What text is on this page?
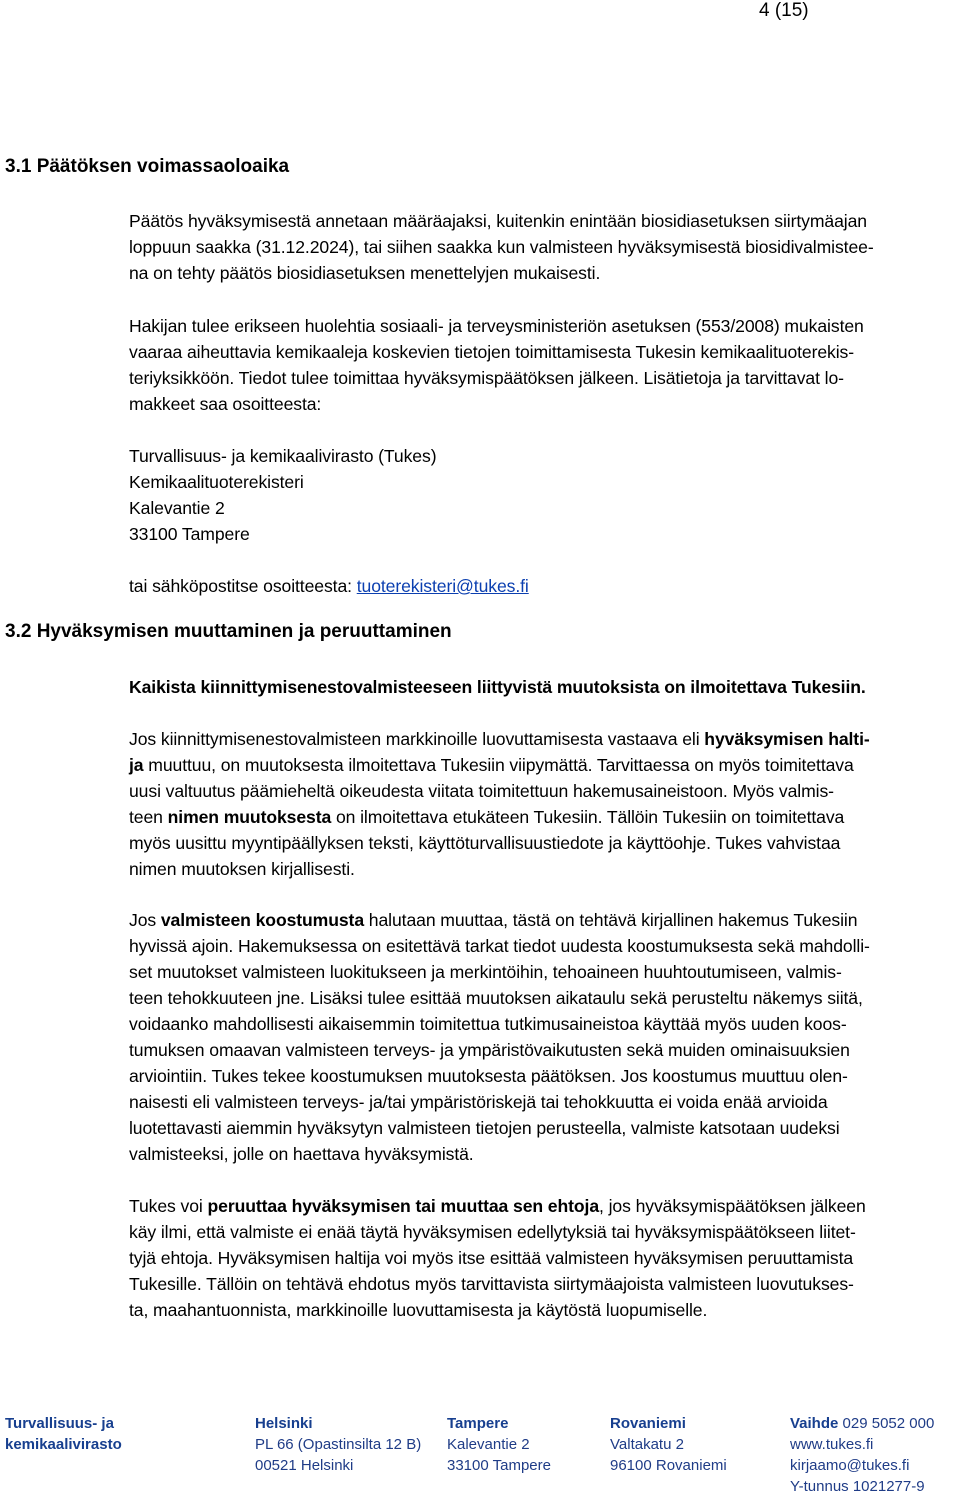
4 (15)
3.1 Päätöksen voimassaoloaika
Päätös hyväksymisestä annetaan määräajaksi, kuitenkin enintään biosidiasetuksen siirtymäajan
loppuun saakka (31.12.2024), tai siihen saakka kun valmisteen hyväksymisestä biosidivalmistee-
na on tehty päätös biosidiasetuksen menettelyjen mukaisesti.
Hakijan tulee erikseen huolehtia sosiaali- ja terveysministeriön asetuksen (553/2008) mukaisten
vaaraa aiheuttavia kemikaaleja koskevien tietojen toimittamisesta Tukesin kemikaalituoterekis-
teriyksikköön. Tiedot tulee toimittaa hyväksymispäätöksen jälkeen. Lisätietoja ja tarvittavat lo-
makkeet saa osoitteesta:
Turvallisuus- ja kemikaalivirasto (Tukes)
Kemikaalituoterekisteri
Kalevantie 2
33100 Tampere
tai sähköpostitse osoitteesta: tuoterekisteri@tukes.fi
3.2 Hyväksymisen muuttaminen ja peruuttaminen
Kaikista kiinnittymisenestovalmisteeseen liittyvistä muutoksista on ilmoitettava Tukesiin.
Jos kiinnittymisenestovalmisteen markkinoille luovuttamisesta vastaava eli hyväksymisen halti-
ja muuttuu, on muutoksesta ilmoitettava Tukesiin viipymättä. Tarvittaessa on myös toimitettava
uusi valtuutus päämieheltä oikeudesta viitata toimitettuun hakemusaineistoon. Myös valmis-
teen nimen muutoksesta on ilmoitettava etukäteen Tukesiin. Tällöin Tukesiin on toimitettava
myös uusittu myyntipäällyksen teksti, käyttöturvallisuustiedote ja käyttöohje. Tukes vahvistaa
nimen muutoksen kirjallisesti.
Jos valmisteen koostumusta halutaan muuttaa, tästä on tehtävä kirjallinen hakemus Tukesiin
hyvissä ajoin. Hakemuksessa on esitettävä tarkat tiedot uudesta koostumuksesta sekä mahdolli-
set muutokset valmisteen luokitukseen ja merkintöihin, tehoaineen huuhtoutumiseen, valmis-
teen tehokkuuteen jne. Lisäksi tulee esittää muutoksen aikataulu sekä perusteltu näkemys siitä,
voidaanko mahdollisesti aikaisemmin toimitettua tutkimusaineistoa käyttää myös uuden koos-
tumuksen omaavan valmisteen terveys- ja ympäristövaikutusten sekä muiden ominaisuuksien
arviointiin. Tukes tekee koostumuksen muutoksesta päätöksen. Jos koostumus muuttuu olen-
naisesti eli valmisteen terveys- ja/tai ympäristöriskejä tai tehokkuutta ei voida enää arvioida
luotettavasti aiemmin hyväksytyn valmisteen tietojen perusteella, valmiste katsotaan uudeksi
valmisteeksi, jolle on haettava hyväksymistä.
Tukes voi peruuttaa hyväksymisen tai muuttaa sen ehtoja, jos hyväksymispäätöksen jälkeen
käy ilmi, että valmiste ei enää täytä hyväksymisen edellytyksiä tai hyväksymispäätökseen liitet-
tyjä ehtoja. Hyväksymisen haltija voi myös itse esittää valmisteen hyväksymisen peruuttamista
Tukesille. Tällöin on tehtävä ehdotus myös tarvittavista siirtymäajoista valmisteen luovutukses-
ta, maahantuonnista, markkinoille luovuttamisesta ja käytöstä luopumiselle.
Turvallisuus- ja
kemikaalivirasto
Helsinki
PL 66 (Opastinsilta 12 B)
00521 Helsinki
Tampere
Kalevantie 2
33100 Tampere
Rovaniemi
Valtakatu 2
96100 Rovaniemi
Vaihde 029 5052 000
www.tukes.fi
kirjaamo@tukes.fi
Y-tunnus 1021277-9
